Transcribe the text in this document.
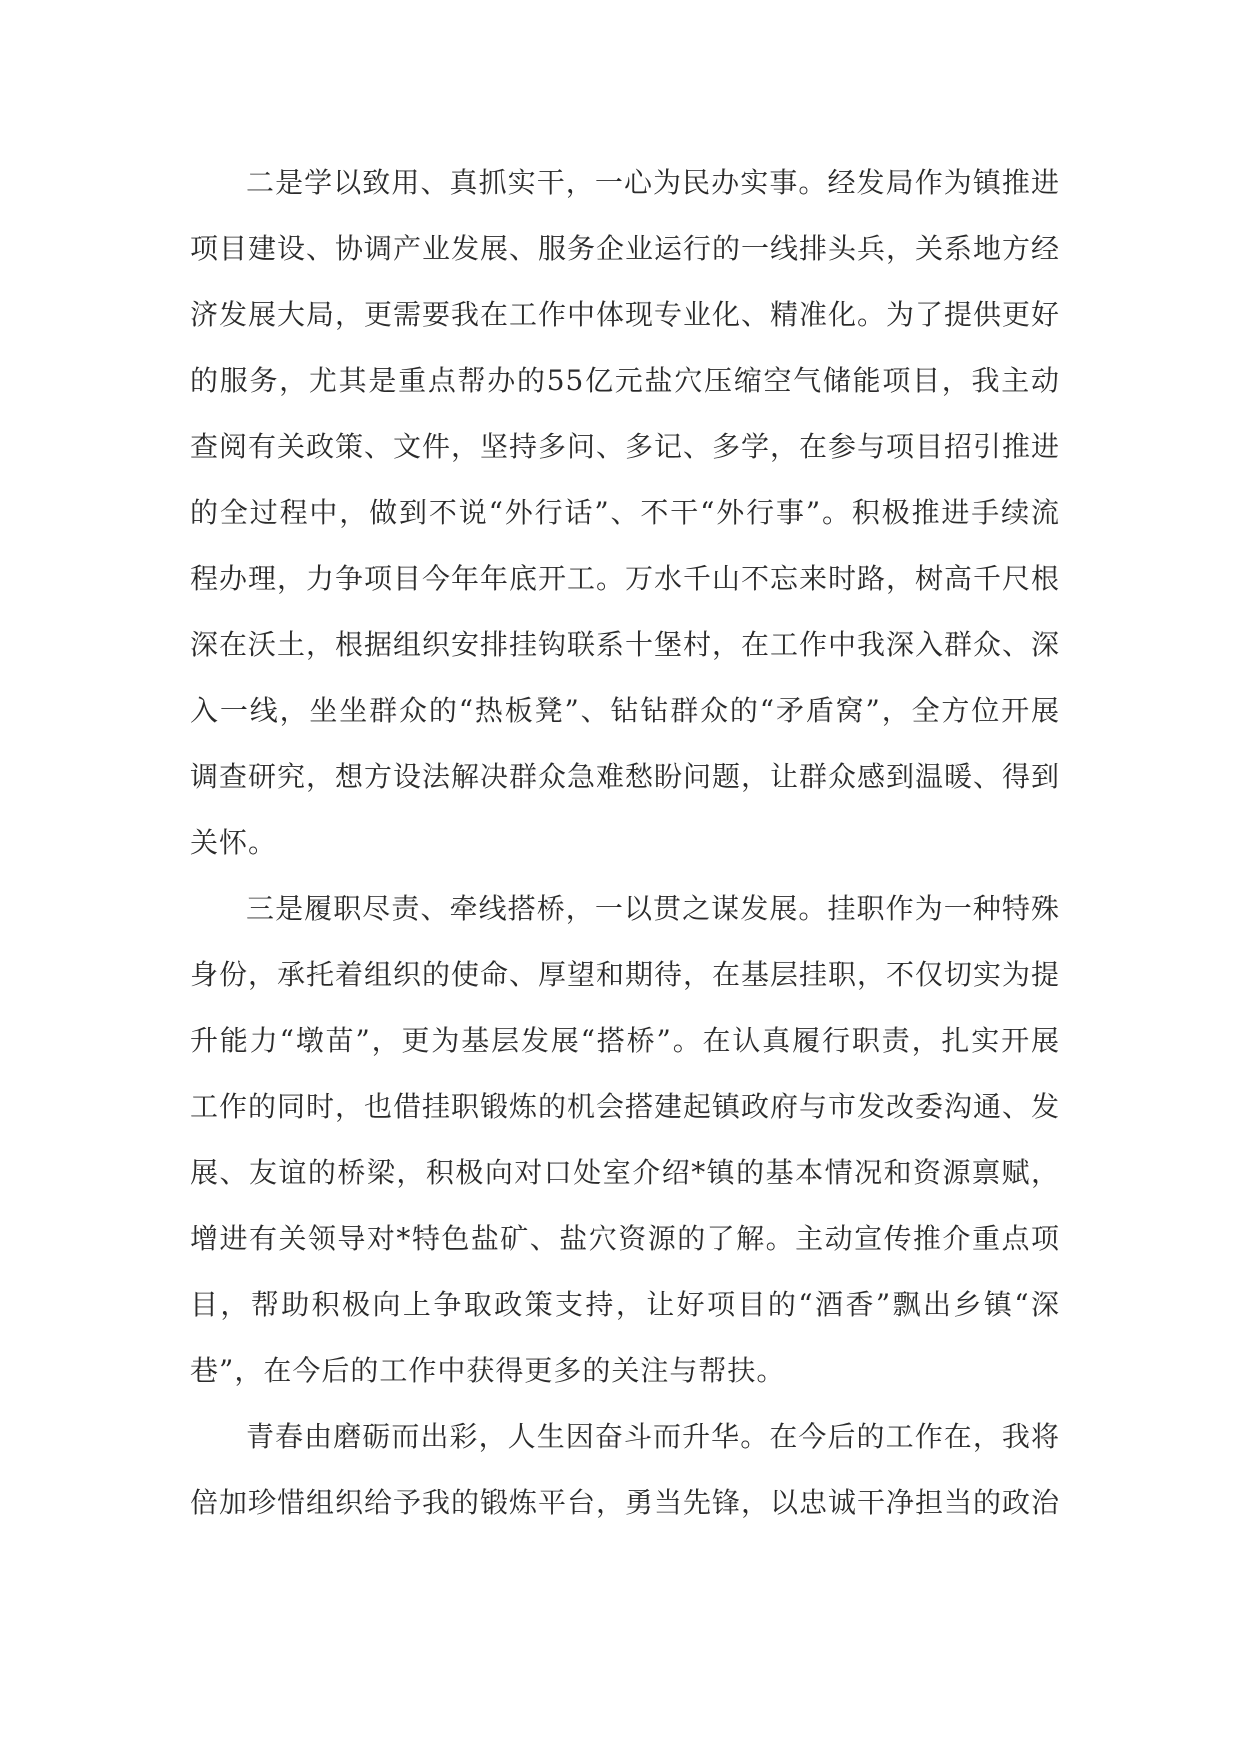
二是学以致用、真抓实干，一心为民办实事。经发局作为镇推进项目建设、协调产业发展、服务企业运行的一线排头兵，关系地方经济发展大局，更需要我在工作中体现专业化、精准化。为了提供更好的服务，尤其是重点帮办的55亿元盐穴压缩空气储能项目，我主动查阅有关政策、文件，坚持多问、多记、多学，在参与项目招引推进的全过程中，做到不说“外行话”、不干“外行事”。积极推进手续流程办理，力争项目今年年底开工。万水千山不忘来时路，树高千尺根深在沃土，根据组织安排挂钩联系十堡村，在工作中我深入群众、深入一线，坐坐群众的“热板凳”、钻钻群众的“矛盾窝”，全方位开展调查研究，想方设法解决群众急难愁盼问题，让群众感到温暖、得到关怀。

三是履职尽责、牵线搭桥，一以贯之谋发展。挂职作为一种特殊身份，承托着组织的使命、厚望和期待，在基层挂职，不仅切实为提升能力“墩苗”，更为基层发展“搭桥”。在认真履行职责，扎实开展工作的同时，也借挂职锻炼的机会搭建起镇政府与市发改委沟通、发展、友谊的桥梁，积极向对口处室介绍*镇的基本情况和资源禀赋，增进有关领导对*特色盐矿、盐穴资源的了解。主动宣传推介重点项目，帮助积极向上争取政策支持，让好项目的“酒香”飘出乡镇“深巷”，在今后的工作中获得更多的关注与帮扶。

青春由磨砺而出彩，人生因奋斗而升华。在今后的工作在，我将倍加珍惜组织给予我的锻炼平台，勇当先锋，以忠诚干净担当的政治
